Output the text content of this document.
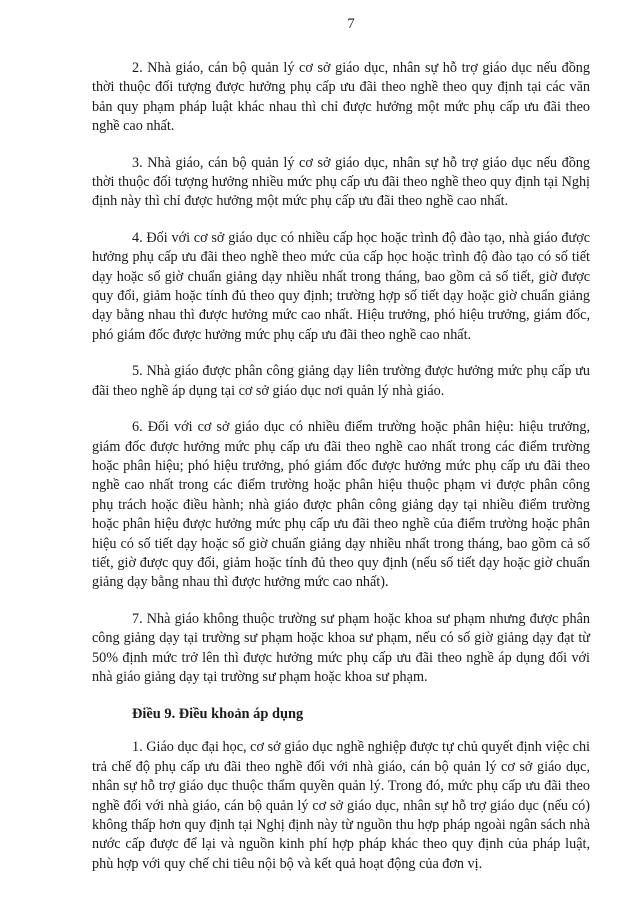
7

2. Nhà giáo, cán bộ quản lý cơ sở giáo dục, nhân sự hỗ trợ giáo dục nếu đồng thời thuộc đối tượng được hưởng phụ cấp ưu đãi theo nghề theo quy định tại các văn bản quy phạm pháp luật khác nhau thì chỉ được hưởng một mức phụ cấp ưu đãi theo nghề cao nhất.

3. Nhà giáo, cán bộ quản lý cơ sở giáo dục, nhân sự hỗ trợ giáo dục nếu đồng thời thuộc đối tượng hưởng nhiều mức phụ cấp ưu đãi theo nghề theo quy định tại Nghị định này thì chỉ được hưởng một mức phụ cấp ưu đãi theo nghề cao nhất.

4. Đối với cơ sở giáo dục có nhiều cấp học hoặc trình độ đào tạo, nhà giáo được hưởng phụ cấp ưu đãi theo nghề theo mức của cấp học hoặc trình độ đào tạo có số tiết dạy hoặc số giờ chuẩn giảng dạy nhiều nhất trong tháng, bao gồm cả số tiết, giờ được quy đổi, giảm hoặc tính đủ theo quy định; trường hợp số tiết dạy hoặc giờ chuẩn giảng dạy bằng nhau thì được hưởng mức cao nhất. Hiệu trưởng, phó hiệu trưởng, giám đốc, phó giám đốc được hưởng mức phụ cấp ưu đãi theo nghề cao nhất.

5. Nhà giáo được phân công giảng dạy liên trường được hưởng mức phụ cấp ưu đãi theo nghề áp dụng tại cơ sở giáo dục nơi quản lý nhà giáo.

6. Đối với cơ sở giáo dục có nhiều điểm trường hoặc phân hiệu: hiệu trưởng, giám đốc được hưởng mức phụ cấp ưu đãi theo nghề cao nhất trong các điểm trường hoặc phân hiệu; phó hiệu trưởng, phó giám đốc được hưởng mức phụ cấp ưu đãi theo nghề cao nhất trong các điểm trường hoặc phân hiệu thuộc phạm vi được phân công phụ trách hoặc điều hành; nhà giáo được phân công giảng dạy tại nhiều điểm trường hoặc phân hiệu được hưởng mức phụ cấp ưu đãi theo nghề của điểm trường hoặc phân hiệu có số tiết dạy hoặc số giờ chuẩn giảng dạy nhiều nhất trong tháng, bao gồm cả số tiết, giờ được quy đổi, giảm hoặc tính đủ theo quy định (nếu số tiết dạy hoặc giờ chuẩn giảng dạy bằng nhau thì được hưởng mức cao nhất).

7. Nhà giáo không thuộc trường sư phạm hoặc khoa sư phạm nhưng được phân công giảng dạy tại trường sư phạm hoặc khoa sư phạm, nếu có số giờ giảng dạy đạt từ 50% định mức trở lên thì được hưởng mức phụ cấp ưu đãi theo nghề áp dụng đối với nhà giáo giảng dạy tại trường sư phạm hoặc khoa sư phạm.

Điều 9. Điều khoản áp dụng

1. Giáo dục đại học, cơ sở giáo dục nghề nghiệp được tự chủ quyết định việc chi trả chế độ phụ cấp ưu đãi theo nghề đối với nhà giáo, cán bộ quản lý cơ sở giáo dục, nhân sự hỗ trợ giáo dục thuộc thẩm quyền quản lý. Trong đó, mức phụ cấp ưu đãi theo nghề đối với nhà giáo, cán bộ quản lý cơ sở giáo dục, nhân sự hỗ trợ giáo dục (nếu có) không thấp hơn quy định tại Nghị định này từ nguồn thu hợp pháp ngoài ngân sách nhà nước cấp được để lại và nguồn kinh phí hợp pháp khác theo quy định của pháp luật, phù hợp với quy chế chi tiêu nội bộ và kết quả hoạt động của đơn vị.
